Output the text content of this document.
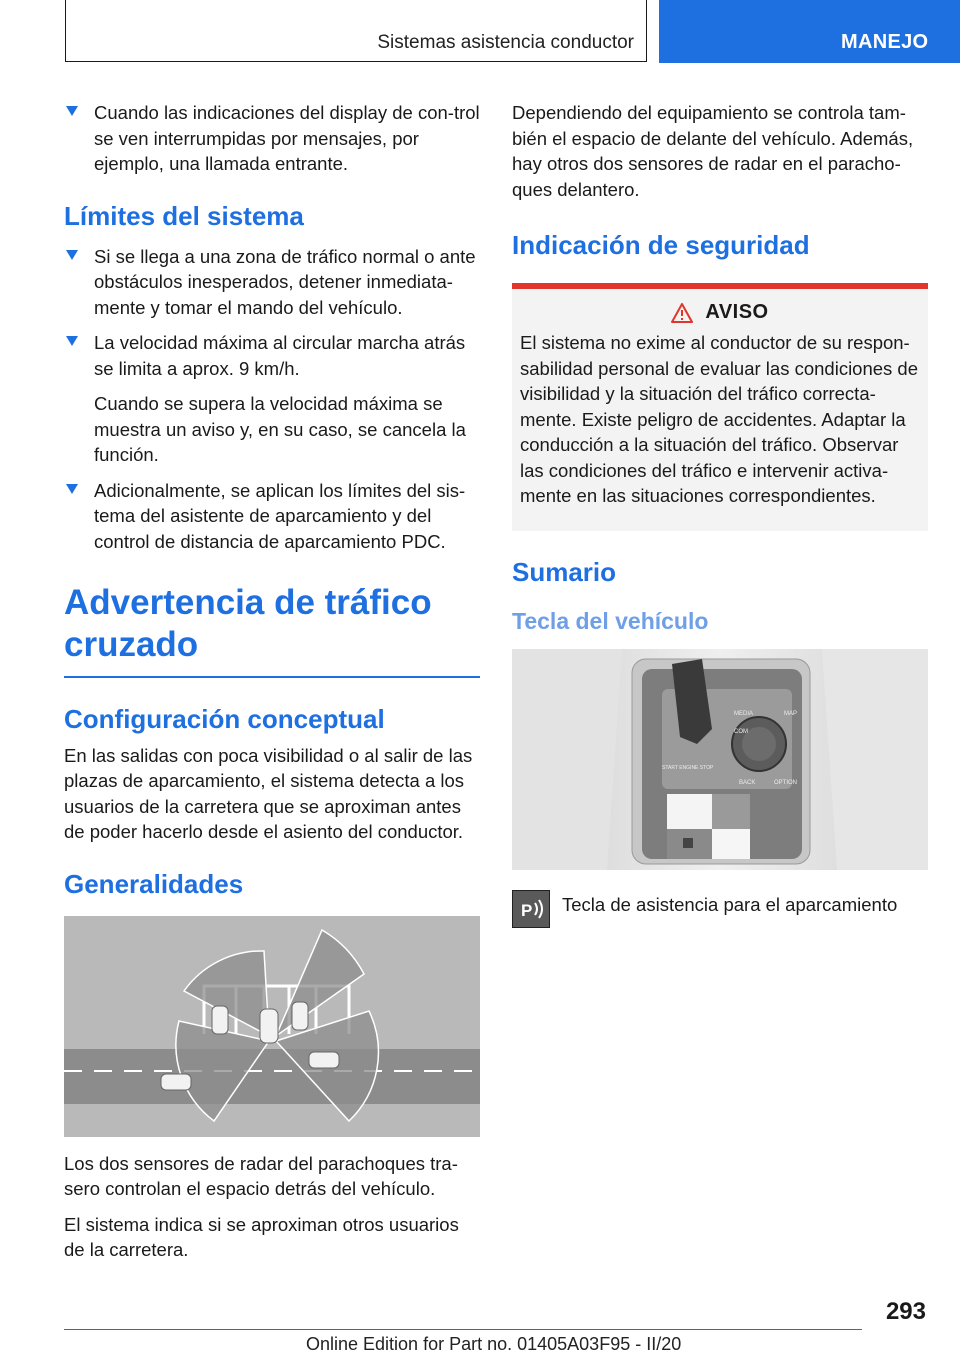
Sistemas asistencia conductor	MANEJO
Cuando las indicaciones del display de con-trol se ven interrumpidas por mensajes, por ejemplo, una llamada entrante.
Límites del sistema
Si se llega a una zona de tráfico normal o ante obstáculos inesperados, detener inmediata-mente y tomar el mando del vehículo.
La velocidad máxima al circular marcha atrás se limita a aprox. 9 km/h.
Cuando se supera la velocidad máxima se muestra un aviso y, en su caso, se cancela la función.
Adicionalmente, se aplican los límites del sis-tema del asistente de aparcamiento y del control de distancia de aparcamiento PDC.
Advertencia de tráfico cruzado
Configuración conceptual
En las salidas con poca visibilidad o al salir de las plazas de aparcamiento, el sistema detecta a los usuarios de la carretera que se aproximan antes de poder hacerlo desde el asiento del conductor.
Generalidades
Los dos sensores de radar del parachoques tra-sero controlan el espacio detrás del vehículo.
El sistema indica si se aproximan otros usuarios de la carretera.
Dependiendo del equipamiento se controla tam-bién el espacio de delante del vehículo. Además, hay otros dos sensores de radar en el paracho-ques delantero.
Indicación de seguridad
AVISO
El sistema no exime al conductor de su respon-sabilidad personal de evaluar las condiciones de visibilidad y la situación del tráfico correcta-mente. Existe peligro de accidentes. Adaptar la conducción a la situación del tráfico. Observar las condiciones del tráfico e intervenir activa-mente en las situaciones correspondientes.
Sumario
Tecla del vehículo
MEDIA	MAP
COM
BACK	OPTION
START ENGINE STOP
P Tecla de asistencia para el aparcamiento
293
Online Edition for Part no. 01405A03F95 - II/20
